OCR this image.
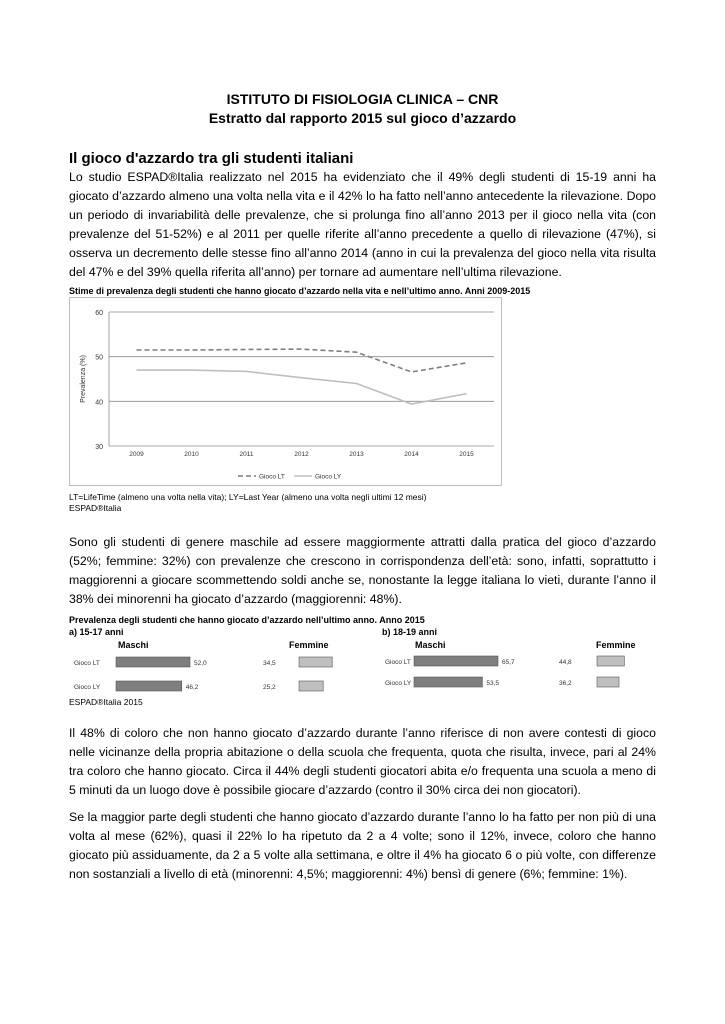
ISTITUTO DI FISIOLOGIA CLINICA – CNR
Estratto dal rapporto 2015 sul gioco d’azzardo
Il gioco d'azzardo tra gli studenti italiani
Lo studio ESPAD®Italia realizzato nel 2015 ha evidenziato che il 49% degli studenti di 15-19 anni ha giocato d’azzardo almeno una volta nella vita e il 42% lo ha fatto nell’anno antecedente la rilevazione. Dopo un periodo di invariabilità delle prevalenze, che si prolunga fino all’anno 2013 per il gioco nella vita (con prevalenze del 51-52%) e al 2011 per quelle riferite all’anno precedente a quello di rilevazione (47%), si osserva un decremento delle stesse fino all’anno 2014 (anno in cui la prevalenza del gioco nella vita risulta del 47% e del 39% quella riferita all’anno) per tornare ad aumentare nell’ultima rilevazione.
Stime di prevalenza degli studenti che hanno giocato d’azzardo nella vita e nell’ultimo anno. Anni 2009-2015
30
40
50
60
2009	2010	2011	2012	2013	2014	2015
Prevalenza (%)
Gioco LT	Gioco LY
LT=LifeTime (almeno una volta nella vita); LY=Last Year (almeno una volta negli ultimi 12 mesi)
ESPAD®Italia
Sono gli studenti di genere maschile ad essere maggiormente attratti dalla pratica del gioco d’azzardo (52%; femmine: 32%) con prevalenze che crescono in corrispondenza dell’età: sono, infatti, soprattutto i maggiorenni a giocare scommettendo soldi anche se, nonostante la legge italiana lo vieti, durante l’anno il 38% dei minorenni ha giocato d’azzardo (maggiorenni: 48%).
Prevalenza degli studenti che hanno giocato d’azzardo nell’ultimo anno. Anno 2015
a) 15-17 anni	b) 18-19 anni
Maschi	Femmine	Maschi	Femmine
Gioco LT
Gioco LY
52,0
46,2
34,5
25,2
Gioco LT
Gioco LY
65,7
53,5
44,8
36,2
ESPAD®Italia 2015
Il 48% di coloro che non hanno giocato d’azzardo durante l’anno riferisce di non avere contesti di gioco nelle vicinanze della propria abitazione o della scuola che frequenta, quota che risulta, invece, pari al 24% tra coloro che hanno giocato. Circa il 44% degli studenti giocatori abita e/o frequenta una scuola a meno di 5 minuti da un luogo dove è possibile giocare d’azzardo (contro il 30% circa dei non giocatori).
Se la maggior parte degli studenti che hanno giocato d’azzardo durante l’anno lo ha fatto per non più di una volta al mese (62%), quasi il 22% lo ha ripetuto da 2 a 4 volte; sono il 12%, invece, coloro che hanno giocato più assiduamente, da 2 a 5 volte alla settimana, e oltre il 4% ha giocato 6 o più volte, con differenze non sostanziali a livello di età (minorenni: 4,5%; maggiorenni: 4%) bensì di genere (6%; femmine: 1%).
